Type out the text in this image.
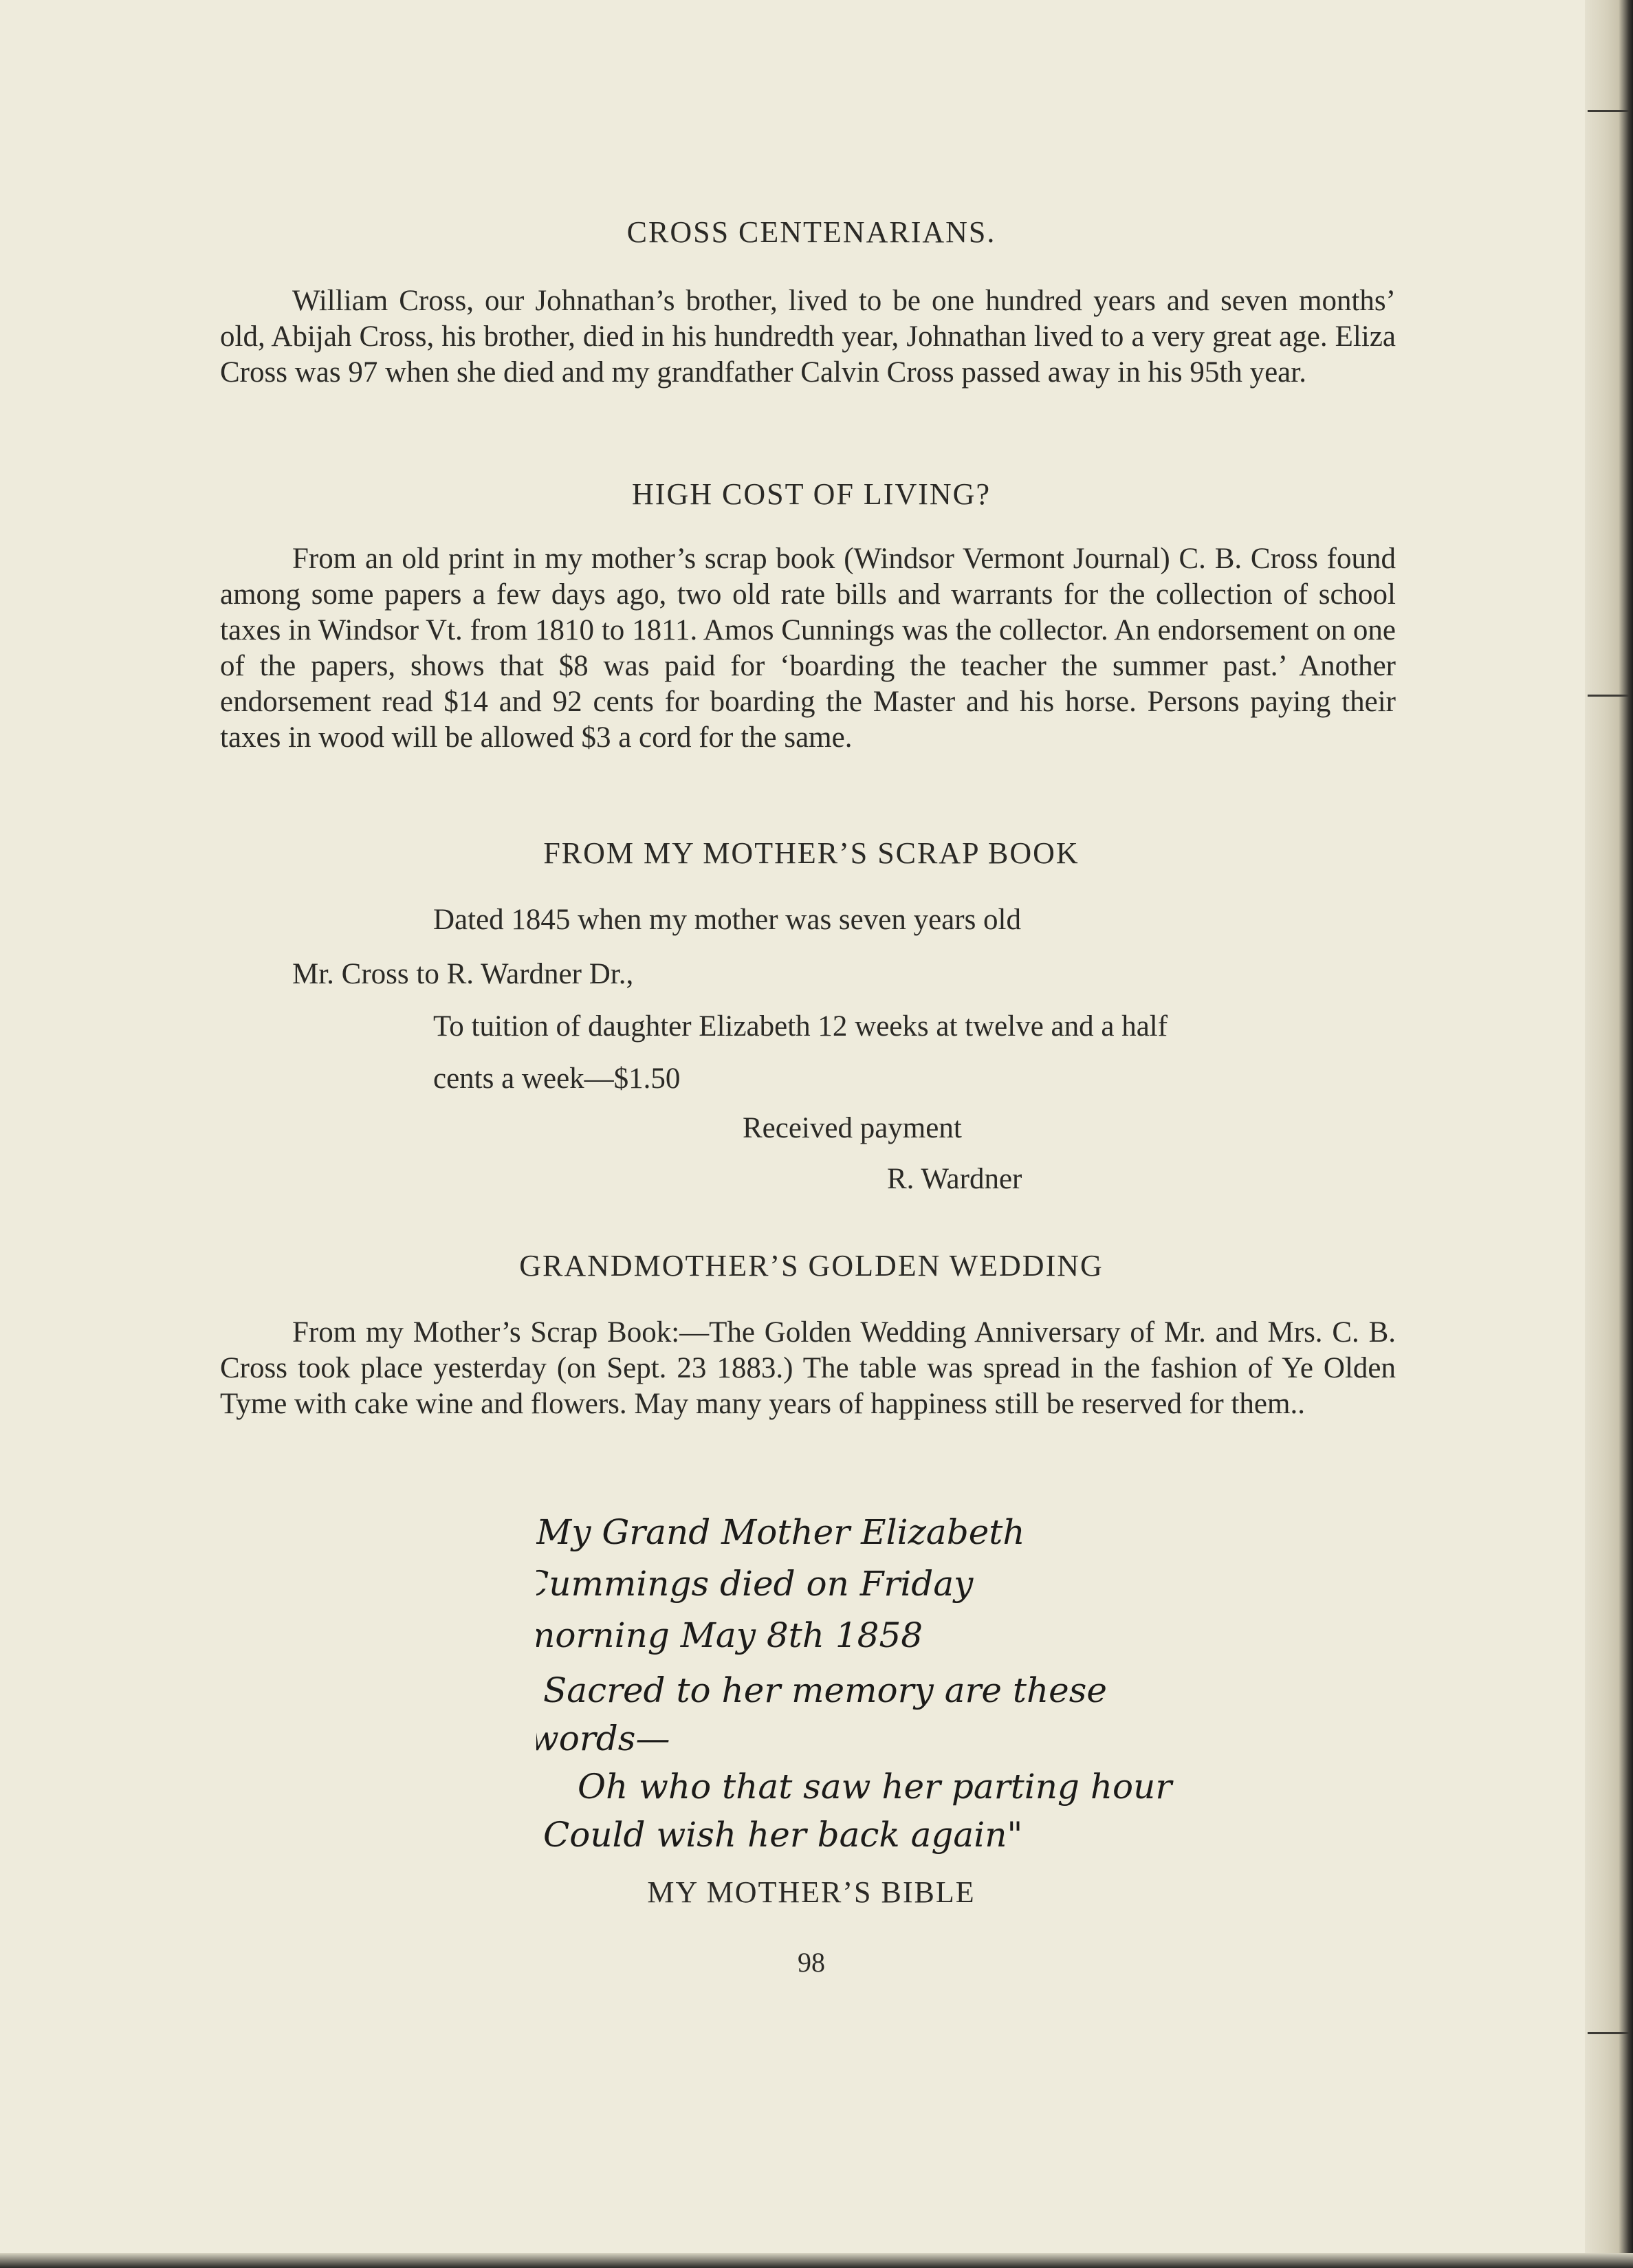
CROSS CENTENARIANS.
William Cross, our Johnathan’s brother, lived to be one hundred years and seven months’ old, Abijah Cross, his brother, died in his hundredth year, Johnathan lived to a very great age. Eliza Cross was 97 when she died and my grandfather Calvin Cross passed away in his 95th year.
HIGH COST OF LIVING?
From an old print in my mother’s scrap book (Windsor Vermont Journal) C. B. Cross found among some papers a few days ago, two old rate bills and warrants for the collection of school taxes in Windsor Vt. from 1810 to 1811. Amos Cunnings was the collector. An endorsement on one of the papers, shows that $8 was paid for ‘boarding the teacher the summer past.’ Another endorsement read $14 and 92 cents for boarding the Master and his horse. Persons paying their taxes in wood will be allowed $3 a cord for the same.
FROM MY MOTHER’S SCRAP BOOK
Dated 1845 when my mother was seven years old
Mr. Cross to R. Wardner Dr.,
To tuition of daughter Elizabeth 12 weeks at twelve and a half
cents a week—$1.50
Received payment
R. Wardner
GRANDMOTHER’S GOLDEN WEDDING
From my Mother’s Scrap Book:—The Golden Wedding Anniversary of Mr. and Mrs. C. B. Cross took place yesterday (on Sept. 23 1883.) The table was spread in the fashion of Ye Olden Tyme with cake wine and flowers. May many years of happiness still be reserved for them..
MY MOTHER’S BIBLE
98
My Grand Mother Elizabeth
Cummings died on Friday
morning May 8th 1858
Sacred to her memory are these
words—
Oh who that saw her parting hour
Could wish her back again"
